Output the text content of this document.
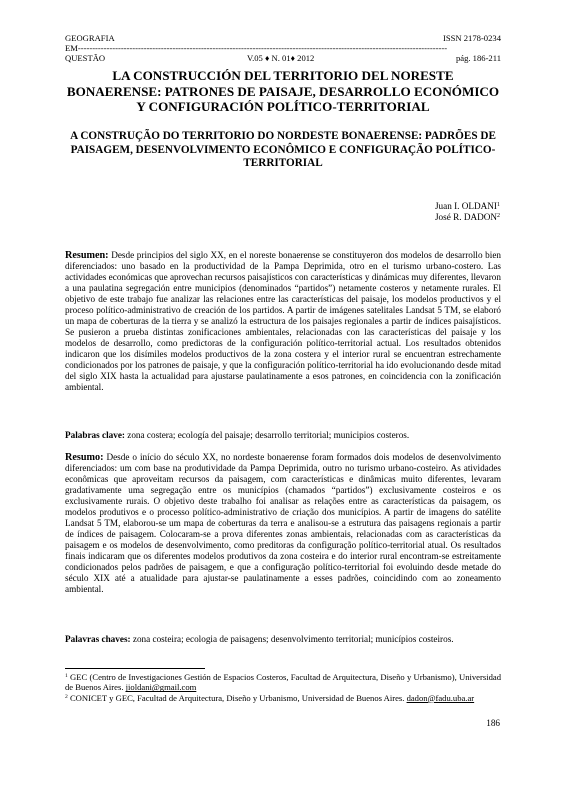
GEOGRAFIA	ISSN 2178-0234
EM---------------------------------------------------------------------------------------------------------------------------------
QUESTÃO	V.05 ♦ N. 01♦ 2012	pág. 186-211
LA CONSTRUCCIÓN DEL TERRITORIO DEL NORESTE BONAERENSE: PATRONES DE PAISAJE, DESARROLLO ECONÓMICO Y CONFIGURACIÓN POLÍTICO-TERRITORIAL
A CONSTRUÇÃO DO TERRITORIO DO NORDESTE BONAERENSE: PADRÕES DE PAISAGEM, DESENVOLVIMENTO ECONÔMICO E CONFIGURAÇÃO POLÍTICO-TERRITORIAL
Juan I. OLDANI$^1$
José R. DADON$^2$
Resumen: Desde principios del siglo XX, en el noreste bonaerense se constituyeron dos modelos de desarrollo bien diferenciados: uno basado en la productividad de la Pampa Deprimida, otro en el turismo urbano-costero. Las actividades económicas que aprovechan recursos paisajísticos con características y dinámicas muy diferentes, llevaron a una paulatina segregación entre municipios (denominados “partidos”) netamente costeros y netamente rurales. El objetivo de este trabajo fue analizar las relaciones entre las características del paisaje, los modelos productivos y el proceso político-administrativo de creación de los partidos. A partir de imágenes satelitales Landsat 5 TM, se elaboró un mapa de coberturas de la tierra y se analizó la estructura de los paisajes regionales a partir de índices paisajísticos. Se pusieron a prueba distintas zonificaciones ambientales, relacionadas con las características del paisaje y los modelos de desarrollo, como predictoras de la configuración político-territorial actual. Los resultados obtenidos indicaron que los disímiles modelos productivos de la zona costera y el interior rural se encuentran estrechamente condicionados por los patrones de paisaje, y que la configuración político-territorial ha ido evolucionando desde mitad del siglo XIX hasta la actualidad para ajustarse paulatinamente a esos patrones, en coincidencia con la zonificación ambiental.
Palabras clave: zona costera; ecología del paisaje; desarrollo territorial; municipios costeros.
Resumo: Desde o início do século XX, no nordeste bonaerense foram formados dois modelos de desenvolvimento diferenciados: um com base na produtividade da Pampa Deprimida, outro no turismo urbano-costeiro. As atividades econômicas que aproveitam recursos da paisagem, com características e dinâmicas muito diferentes, levaram gradativamente uma segregação entre os municípios (chamados “partidos”) exclusivamente costeiros e os exclusivamente rurais. O objetivo deste trabalho foi analisar as relações entre as características da paisagem, os modelos produtivos e o processo político-administrativo de criação dos municípios. A partir de imagens do satélite Landsat 5 TM, elaborou-se um mapa de coberturas da terra e analisou-se a estrutura das paisagens regionais a partir de índices de paisagem. Colocaram-se a prova diferentes zonas ambientais, relacionadas com as características da paisagem e os modelos de desenvolvimento, como preditoras da configuração político-territorial atual. Os resultados finais indicaram que os diferentes modelos produtivos da zona costeira e do interior rural encontram-se estreitamente condicionados pelos padrões de paisagem, e que a configuração político-territorial foi evoluindo desde metade do século XIX até a atualidade para ajustar-se paulatinamente a esses padrões, coincidindo com ao zoneamento ambiental.
Palavras chaves: zona costeira; ecologia de paisagens; desenvolvimento territorial; municípios costeiros.

$^1$ GEC (Centro de Investigaciones Gestión de Espacios Costeros, Facultad de Arquitectura, Diseño y Urbanismo), Universidad de Buenos Aires. jioldani@gmail.com

$^2$ CONICET y GEC, Facultad de Arquitectura, Diseño y Urbanismo, Universidad de Buenos Aires. dadon@fadu.uba.ar

186
